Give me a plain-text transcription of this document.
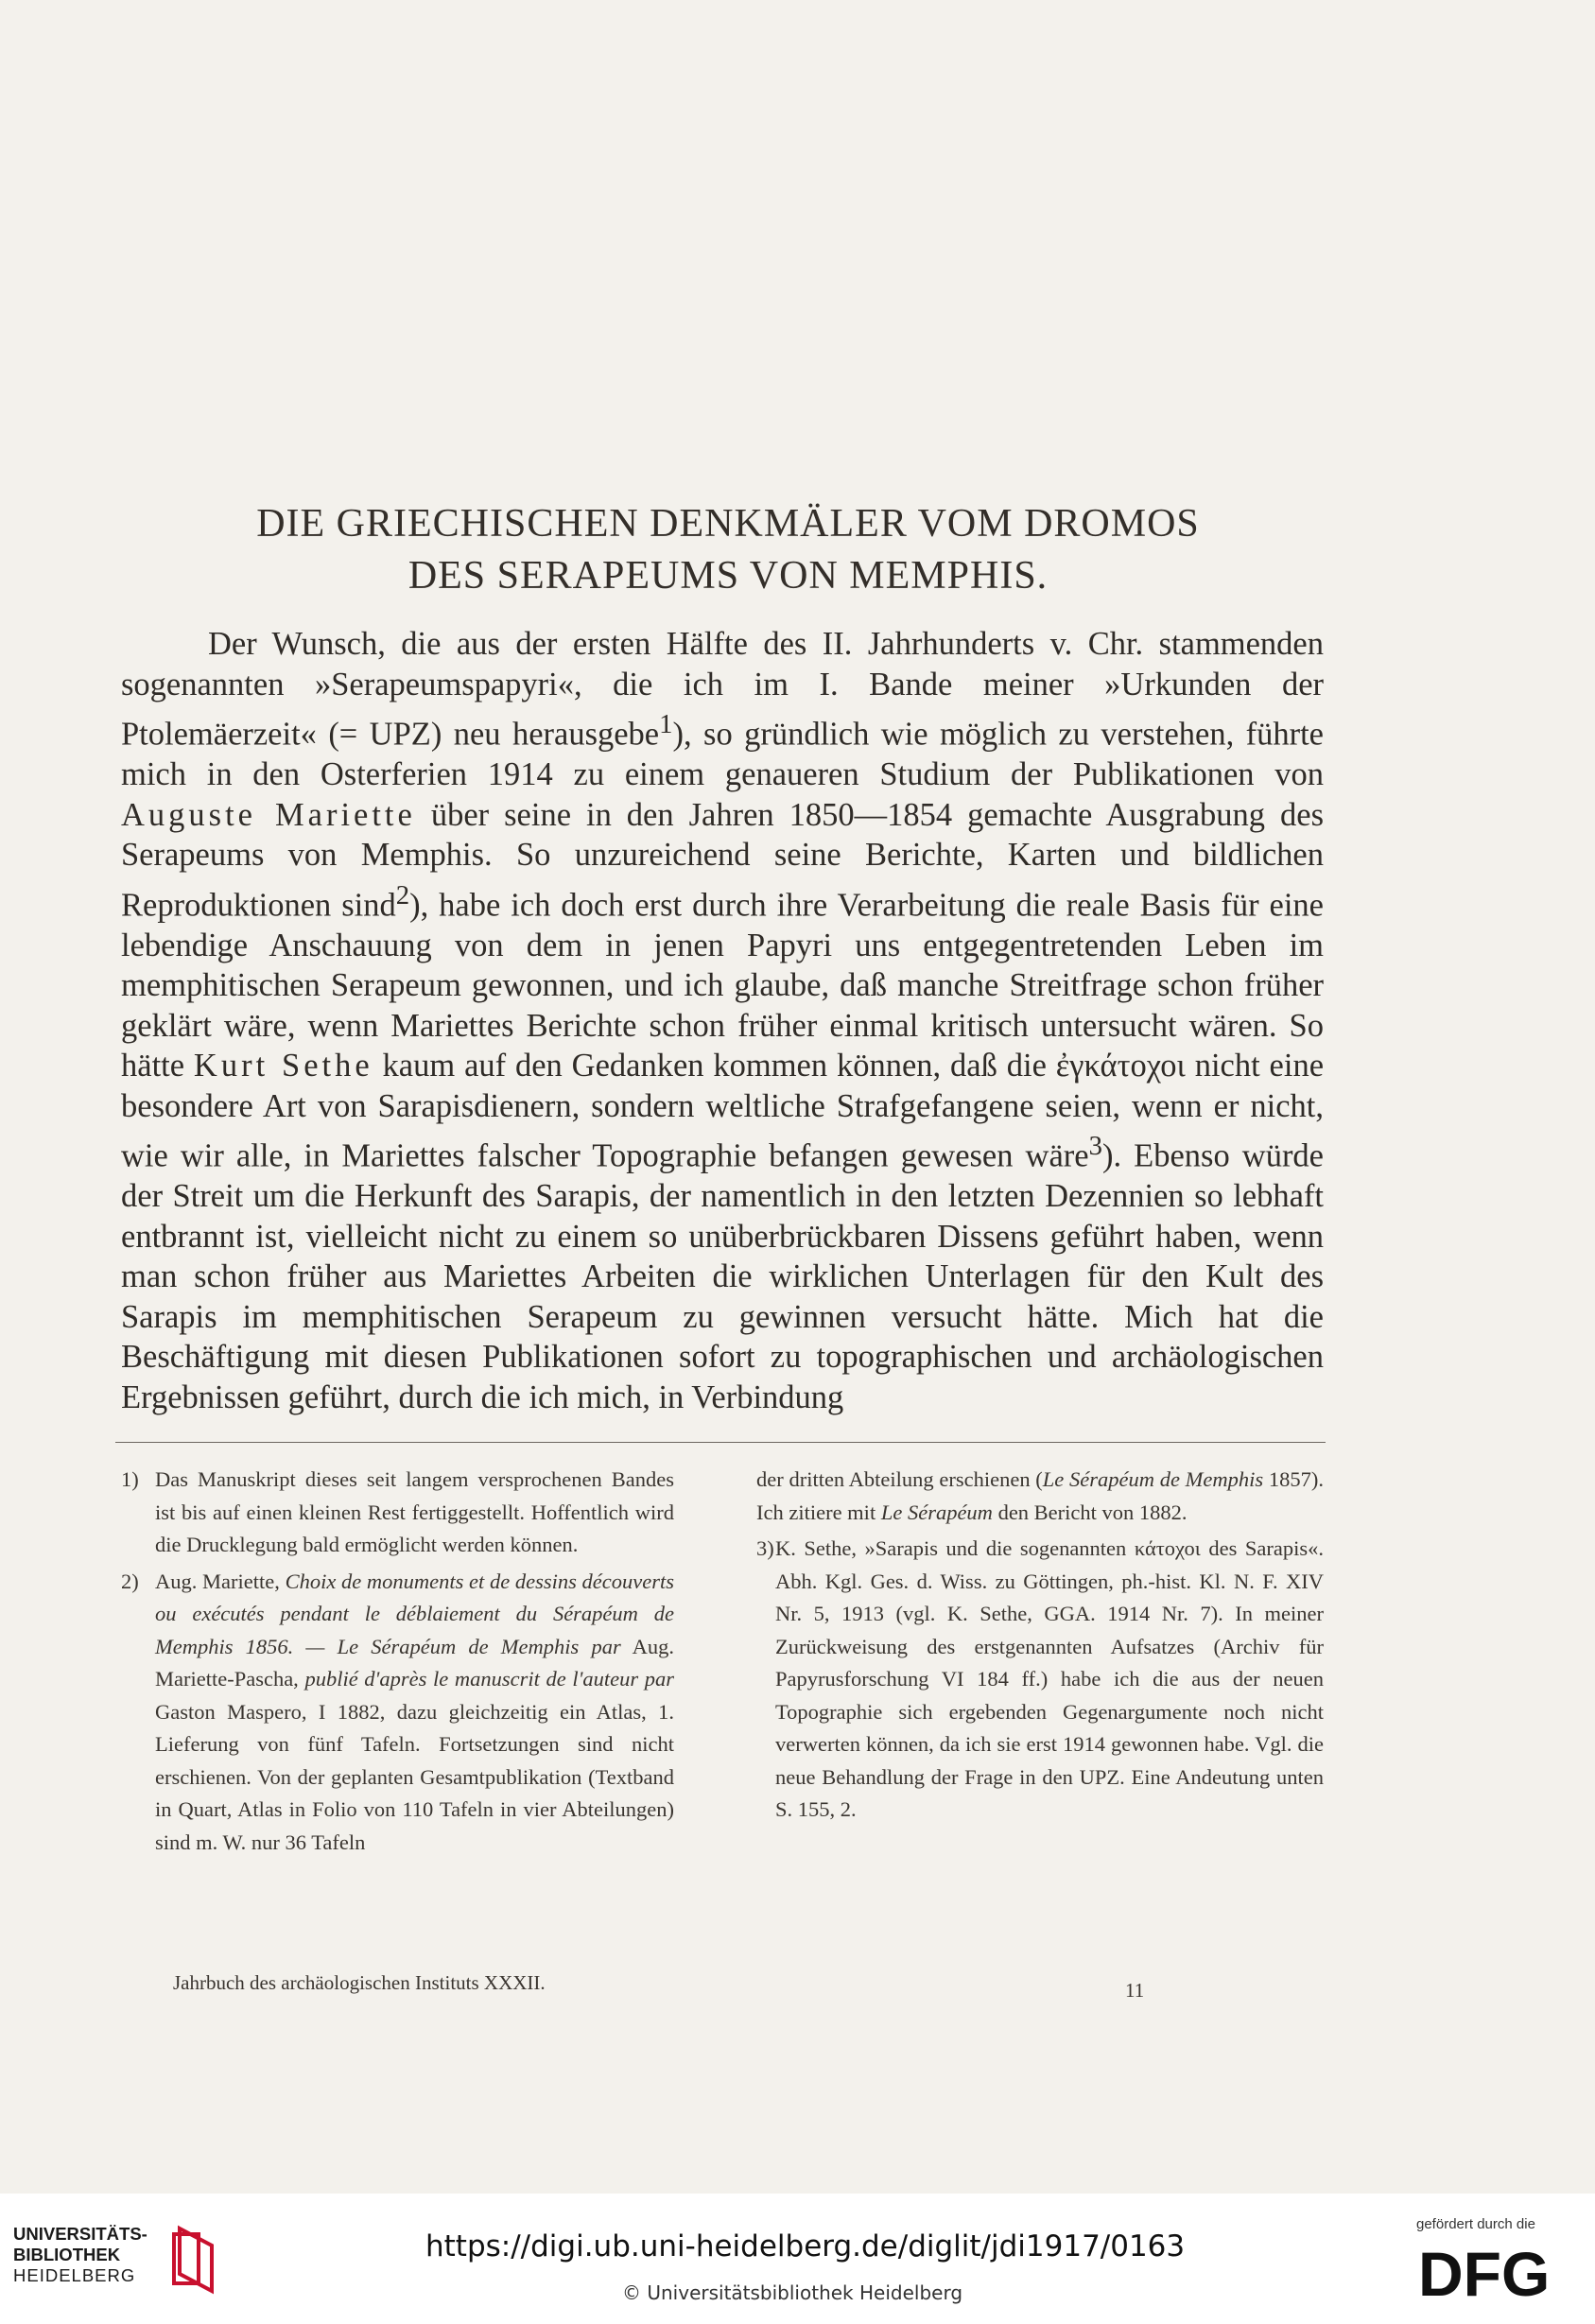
DIE GRIECHISCHEN DENKMÄLER VOM DROMOS
DES SERAPEUMS VON MEMPHIS.
Der Wunsch, die aus der ersten Hälfte des II. Jahrhunderts v. Chr. stammenden sogenannten »Serapeumspapyri«, die ich im I. Bande meiner »Urkunden der Ptolemäerzeit« (= UPZ) neu herausgebe$^1$), so gründlich wie möglich zu verstehen, führte mich in den Osterferien 1914 zu einem genaueren Studium der Publikationen von Auguste Mariette über seine in den Jahren 1850—1854 gemachte Ausgrabung des Serapeums von Memphis. So unzureichend seine Berichte, Karten und bildlichen Reproduktionen sind$^2$), habe ich doch erst durch ihre Verarbeitung die reale Basis für eine lebendige Anschauung von dem in jenen Papyri uns entgegentretenden Leben im memphitischen Serapeum gewonnen, und ich glaube, daß manche Streitfrage schon früher geklärt wäre, wenn Mariettes Berichte schon früher einmal kritisch untersucht wären. So hätte Kurt Sethe kaum auf den Gedanken kommen können, daß die ἐγκάτοχοι nicht eine besondere Art von Sarapisdienern, sondern weltliche Strafgefangene seien, wenn er nicht, wie wir alle, in Mariettes falscher Topographie befangen gewesen wäre$^3$). Ebenso würde der Streit um die Herkunft des Sarapis, der namentlich in den letzten Dezennien so lebhaft entbrannt ist, vielleicht nicht zu einem so unüberbrückbaren Dissens geführt haben, wenn man schon früher aus Mariettes Arbeiten die wirklichen Unterlagen für den Kult des Sarapis im memphitischen Serapeum zu gewinnen versucht hätte. Mich hat die Beschäftigung mit diesen Publikationen sofort zu topographischen und archäologischen Ergebnissen geführt, durch die ich mich, in Verbindung

1) Das Manuskript dieses seit langem versprochenen Bandes ist bis auf einen kleinen Rest fertiggestellt. Hoffentlich wird die Drucklegung bald ermöglicht werden können.

2) Aug. Mariette, Choix de monuments et de dessins découverts ou exécutés pendant le déblaiement du Sérapéum de Memphis 1856. — Le Sérapéum de Memphis par Aug. Mariette-Pascha, publié d'après le manuscrit de l'auteur par Gaston Maspero, I 1882, dazu gleichzeitig ein Atlas, 1. Lieferung von fünf Tafeln. Fortsetzungen sind nicht erschienen. Von der geplanten Gesamtpublikation (Textband in Quart, Atlas in Folio von 110 Tafeln in vier Abteilungen) sind m. W. nur 36 Tafeln

der dritten Abteilung erschienen (Le Sérapéum de Memphis 1857). Ich zitiere mit Le Sérapéum den Bericht von 1882.

3)K. Sethe, »Sarapis und die sogenannten κάτοχοι des Sarapis«. Abh. Kgl. Ges. d. Wiss. zu Göttingen, ph.-hist. Kl. N. F. XIV Nr. 5, 1913 (vgl. K. Sethe, GGA. 1914 Nr. 7). In meiner Zurückweisung des erstgenannten Aufsatzes (Archiv für Papyrusforschung VI 184 ff.) habe ich die aus der neuen Topographie sich ergebenden Gegenargumente noch nicht verwerten können, da ich sie erst 1914 gewonnen habe. Vgl. die neue Behandlung der Frage in den UPZ. Eine Andeutung unten S. 155, 2.

Jahrbuch des archäologischen Instituts XXXII.	11
UNIVERSITÄTS-
BIBLIOTHEK
HEIDELBERG
https://digi.ub.uni-heidelberg.de/diglit/jdi1917/0163
© Universitätsbibliothek Heidelberg
gefördert durch die
DFG
